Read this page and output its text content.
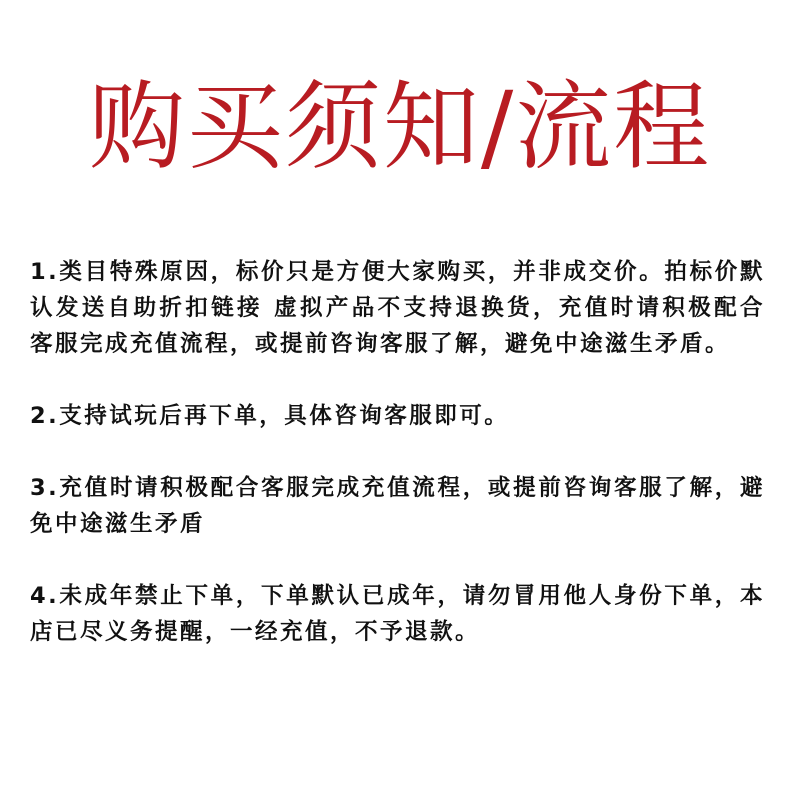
购买须知/流程

1.类目特殊原因，标价只是方便大家购买，并非成交价。拍标价默认发送自助折扣链接 虚拟产品不支持退换货，充值时请积极配合客服完成充值流程，或提前咨询客服了解，避免中途滋生矛盾。

2.支持试玩后再下单，具体咨询客服即可。

3.充值时请积极配合客服完成充值流程，或提前咨询客服了解，避免中途滋生矛盾

4.未成年禁止下单，下单默认已成年，请勿冒用他人身份下单，本店已尽义务提醒，一经充值，不予退款。
